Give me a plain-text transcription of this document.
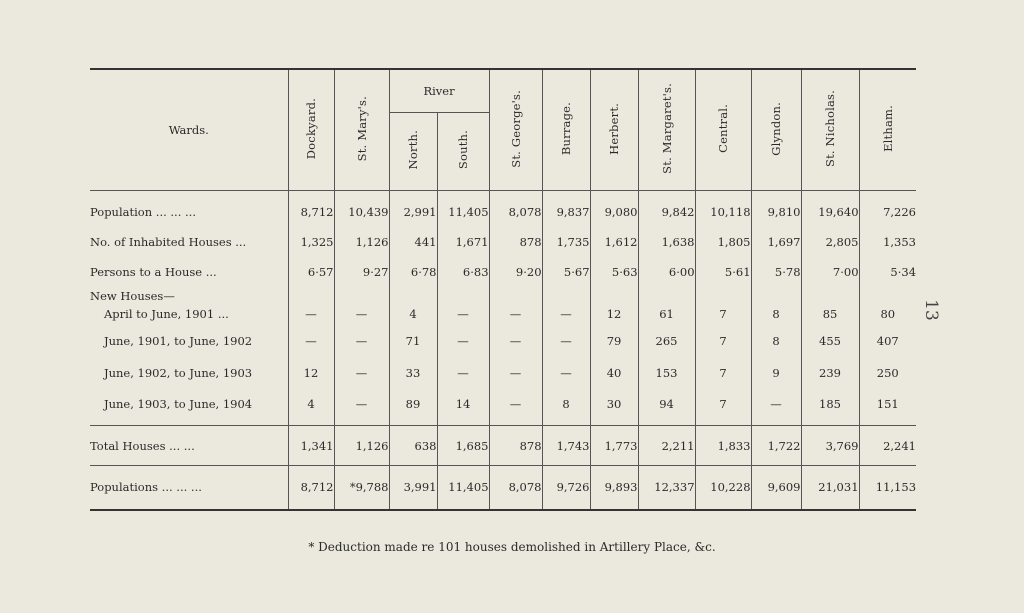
13
Wards.	Dockyard.	St. Mary's.	River		St. George's.	Burrage.	Herbert.	St. Margaret's.	Central.	Glyndon.	St. Nicholas.	Eltham.
			North.	South.								

Population ... ... ...	8,712	10,439	2,991	11,405	8,078	9,837	9,080	9,842	10,118	9,810	19,640	7,226
No. of Inhabited Houses ...	1,325	1,126	441	1,671	878	1,735	1,612	1,638	1,805	1,697	2,805	1,353
Persons to a House ...	6·57	9·27	6·78	6·83	9·20	5·67	5·63	6·00	5·61	5·78	7·00	5·34
New Houses—												
April to June, 1901 ...	—	—	4	—	—	—	12	61	7	8	85	80
June, 1901, to June, 1902	—	—	71	—	—	—	79	265	7	8	455	407
June, 1902, to June, 1903	12	—	33	—	—	—	40	153	7	9	239	250
June, 1903, to June, 1904	4	—	89	14	—	8	30	94	7	—	185	151

Total Houses ... ...	1,341	1,126	638	1,685	878	1,743	1,773	2,211	1,833	1,722	3,769	2,241
Populations ... ... ...	8,712	*9,788	3,991	11,405	8,078	9,726	9,893	12,337	10,228	9,609	21,031	11,153
* Deduction made re 101 houses demolished in Artillery Place, &c.
